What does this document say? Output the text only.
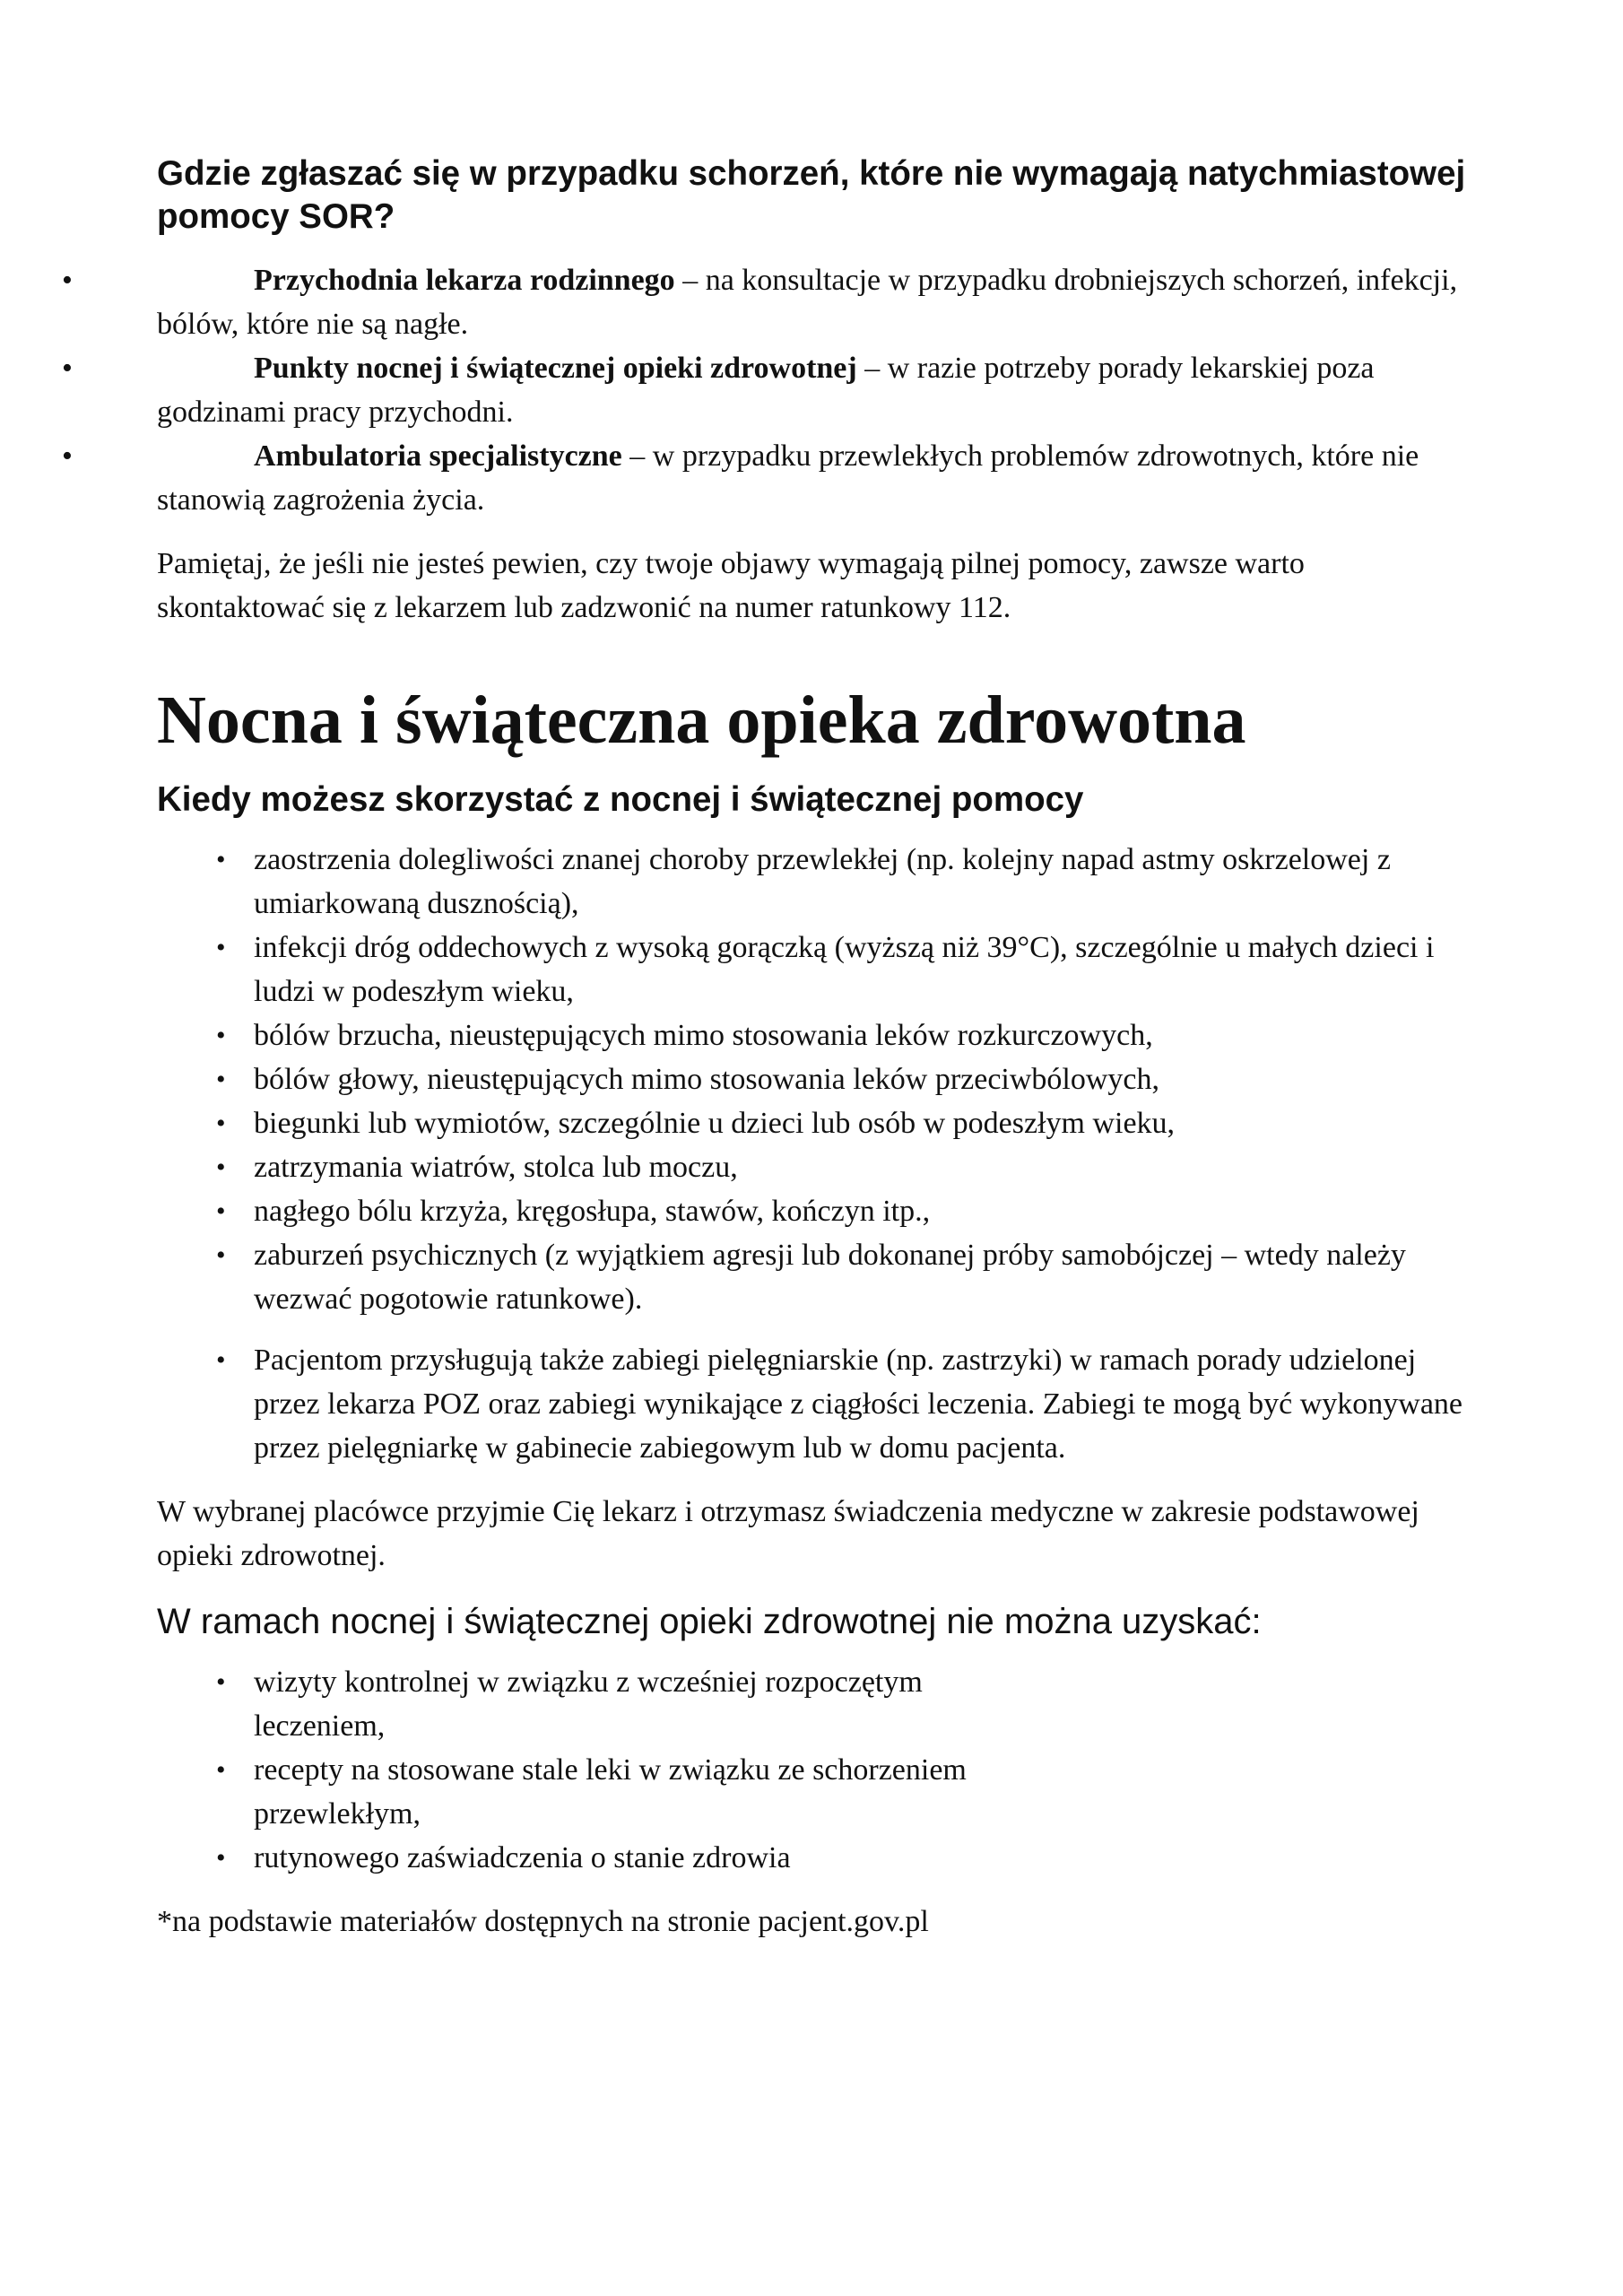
Gdzie zgłaszać się w przypadku schorzeń, które nie wymagają natychmiastowej pomocy SOR?
•	Przychodnia lekarza rodzinnego – na konsultacje w przypadku drobniejszych schorzeń, infekcji, bólów, które nie są nagłe.
•	Punkty nocnej i świątecznej opieki zdrowotnej – w razie potrzeby porady lekarskiej poza godzinami pracy przychodni.
•	Ambulatoria specjalistyczne – w przypadku przewlekłych problemów zdrowotnych, które nie stanowią zagrożenia życia.

Pamiętaj, że jeśli nie jesteś pewien, czy twoje objawy wymagają pilnej pomocy, zawsze warto skontaktować się z lekarzem lub zadzwonić na numer ratunkowy 112.

Nocna i świąteczna opieka zdrowotna
Kiedy możesz skorzystać z nocnej i świątecznej pomocy
• zaostrzenia dolegliwości znanej choroby przewlekłej (np. kolejny napad astmy oskrzelowej z umiarkowaną dusznością),
• infekcji dróg oddechowych z wysoką gorączką (wyższą niż 39°C), szczególnie u małych dzieci i ludzi w podeszłym wieku,
• bólów brzucha, nieustępujących mimo stosowania leków rozkurczowych,
• bólów głowy, nieustępujących mimo stosowania leków przeciwbólowych,
• biegunki lub wymiotów, szczególnie u dzieci lub osób w podeszłym wieku,
• zatrzymania wiatrów, stolca lub moczu,
• nagłego bólu krzyża, kręgosłupa, stawów, kończyn itp.,
• zaburzeń psychicznych (z wyjątkiem agresji lub dokonanej próby samobójczej – wtedy należy wezwać pogotowie ratunkowe).
• Pacjentom przysługują także zabiegi pielęgniarskie (np. zastrzyki) w ramach porady udzielonej przez lekarza POZ oraz zabiegi wynikające z ciągłości leczenia. Zabiegi te mogą być wykonywane przez pielęgniarkę w gabinecie zabiegowym lub w domu pacjenta.

W wybranej placówce przyjmie Cię lekarz i otrzymasz świadczenia medyczne w zakresie podstawowej opieki zdrowotnej.

W ramach nocnej i świątecznej opieki zdrowotnej nie można uzyskać:
• wizyty kontrolnej w związku z wcześniej rozpoczętym leczeniem,
• recepty na stosowane stale leki w związku ze schorzeniem przewlekłym,
• rutynowego zaświadczenia o stanie zdrowia

*na podstawie materiałów dostępnych na stronie pacjent.gov.pl
